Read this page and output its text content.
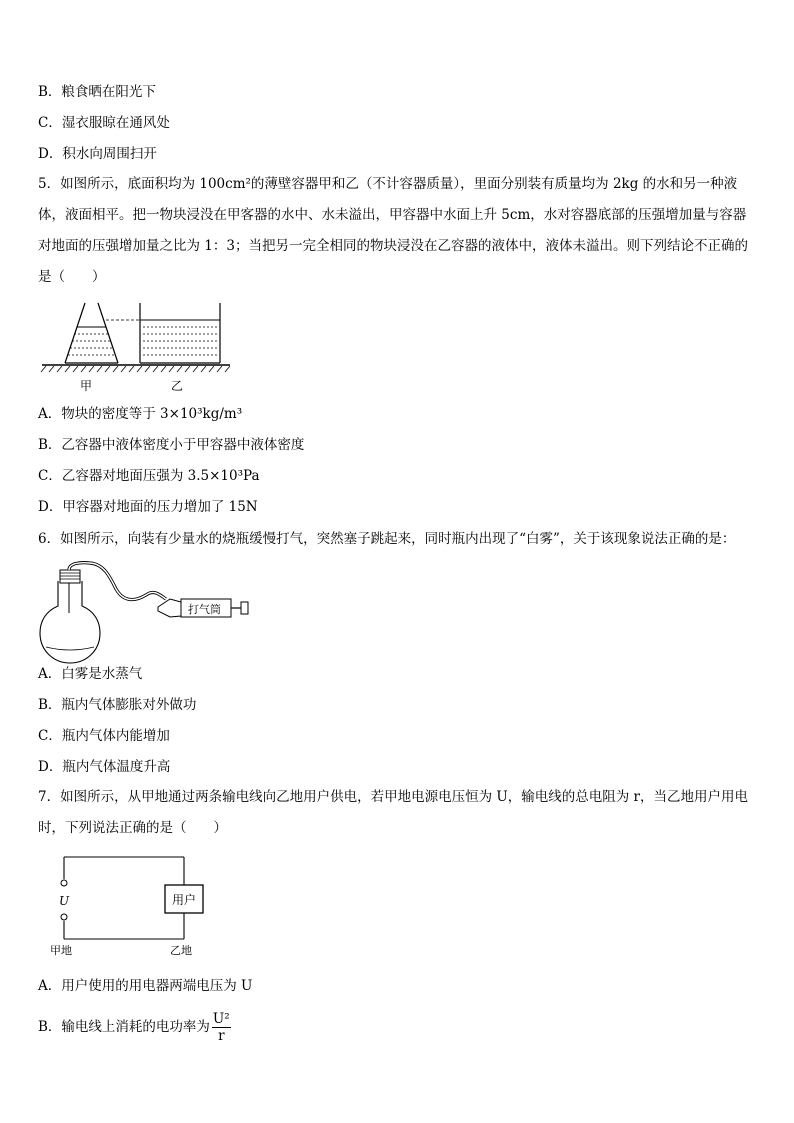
B．粮食晒在阳光下
C．湿衣服晾在通风处
D．积水向周围扫开
5．如图所示，底面积均为 100cm²的薄壁容器甲和乙（不计容器质量），里面分别装有质量均为 2kg 的水和另一种液体，液面相平。把一物块浸没在甲客器的水中、水未溢出，甲容器中水面上升 5cm，水对容器底部的压强增加量与容器对地面的压强增加量之比为 1：3；当把另一完全相同的物块浸没在乙容器的液体中，液体未溢出。则下列结论不正确的是（　　）
甲	乙
A．物块的密度等于 3×10³kg/m³
B．乙容器中液体密度小于甲容器中液体密度
C．乙容器对地面压强为 3.5×10³Pa
D．甲容器对地面的压力增加了 15N
6．如图所示，向装有少量水的烧瓶缓慢打气，突然塞子跳起来，同时瓶内出现了“白雾”，关于该现象说法正确的是：
打气筒
A．白雾是水蒸气
B．瓶内气体膨胀对外做功
C．瓶内气体内能增加
D．瓶内气体温度升高
7．如图所示，从甲地通过两条输电线向乙地用户供电，若甲地电源电压恒为 U，输电线的总电阻为 r，当乙地用户用电时，下列说法正确的是（　　）
U	用户
甲地	乙地
A．用户使用的用电器两端电压为 U
B．输电线上消耗的电功率为 $\frac{\text{U²}}{r}$
